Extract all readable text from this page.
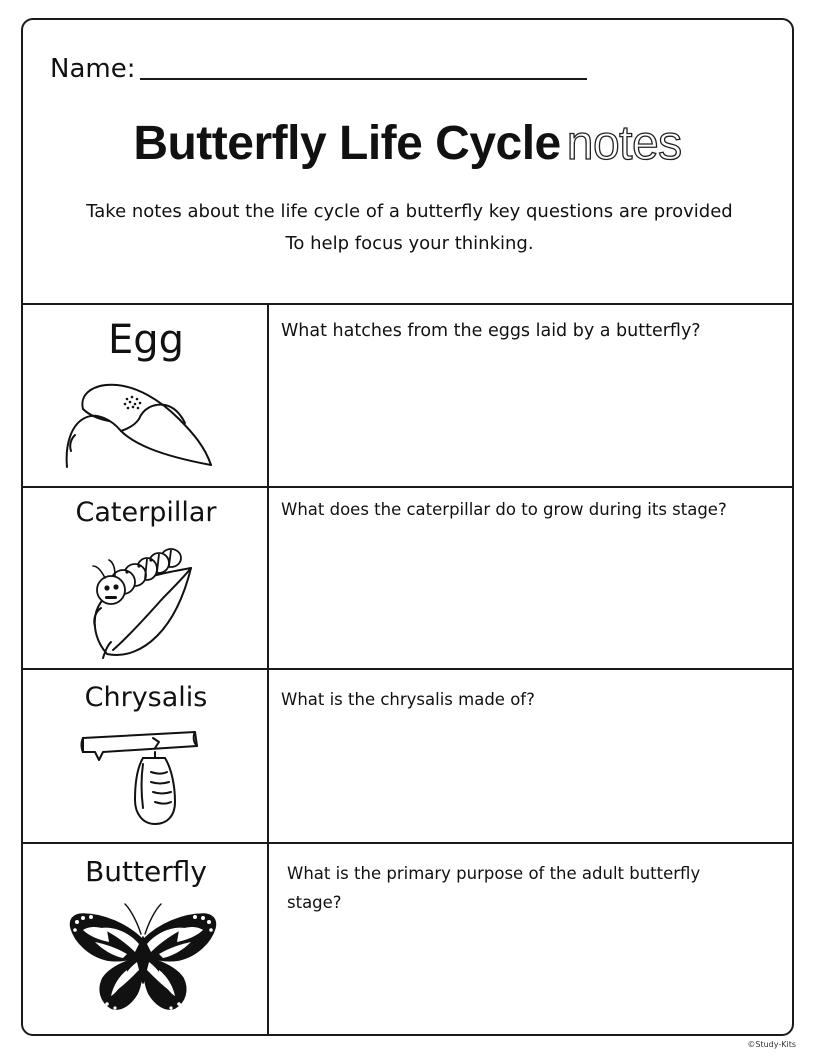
Name:
Butterfly Life Cycle notes
Take notes about the life cycle of a butterfly key questions are provided
To help focus your thinking.
Egg	What hatches from the eggs laid by a butterfly?
Caterpillar	What does the caterpillar do to grow during its stage?
Chrysalis	What is the chrysalis made of?
Butterfly	What is the primary purpose of the adult butterfly
stage?
©Study-Kits
